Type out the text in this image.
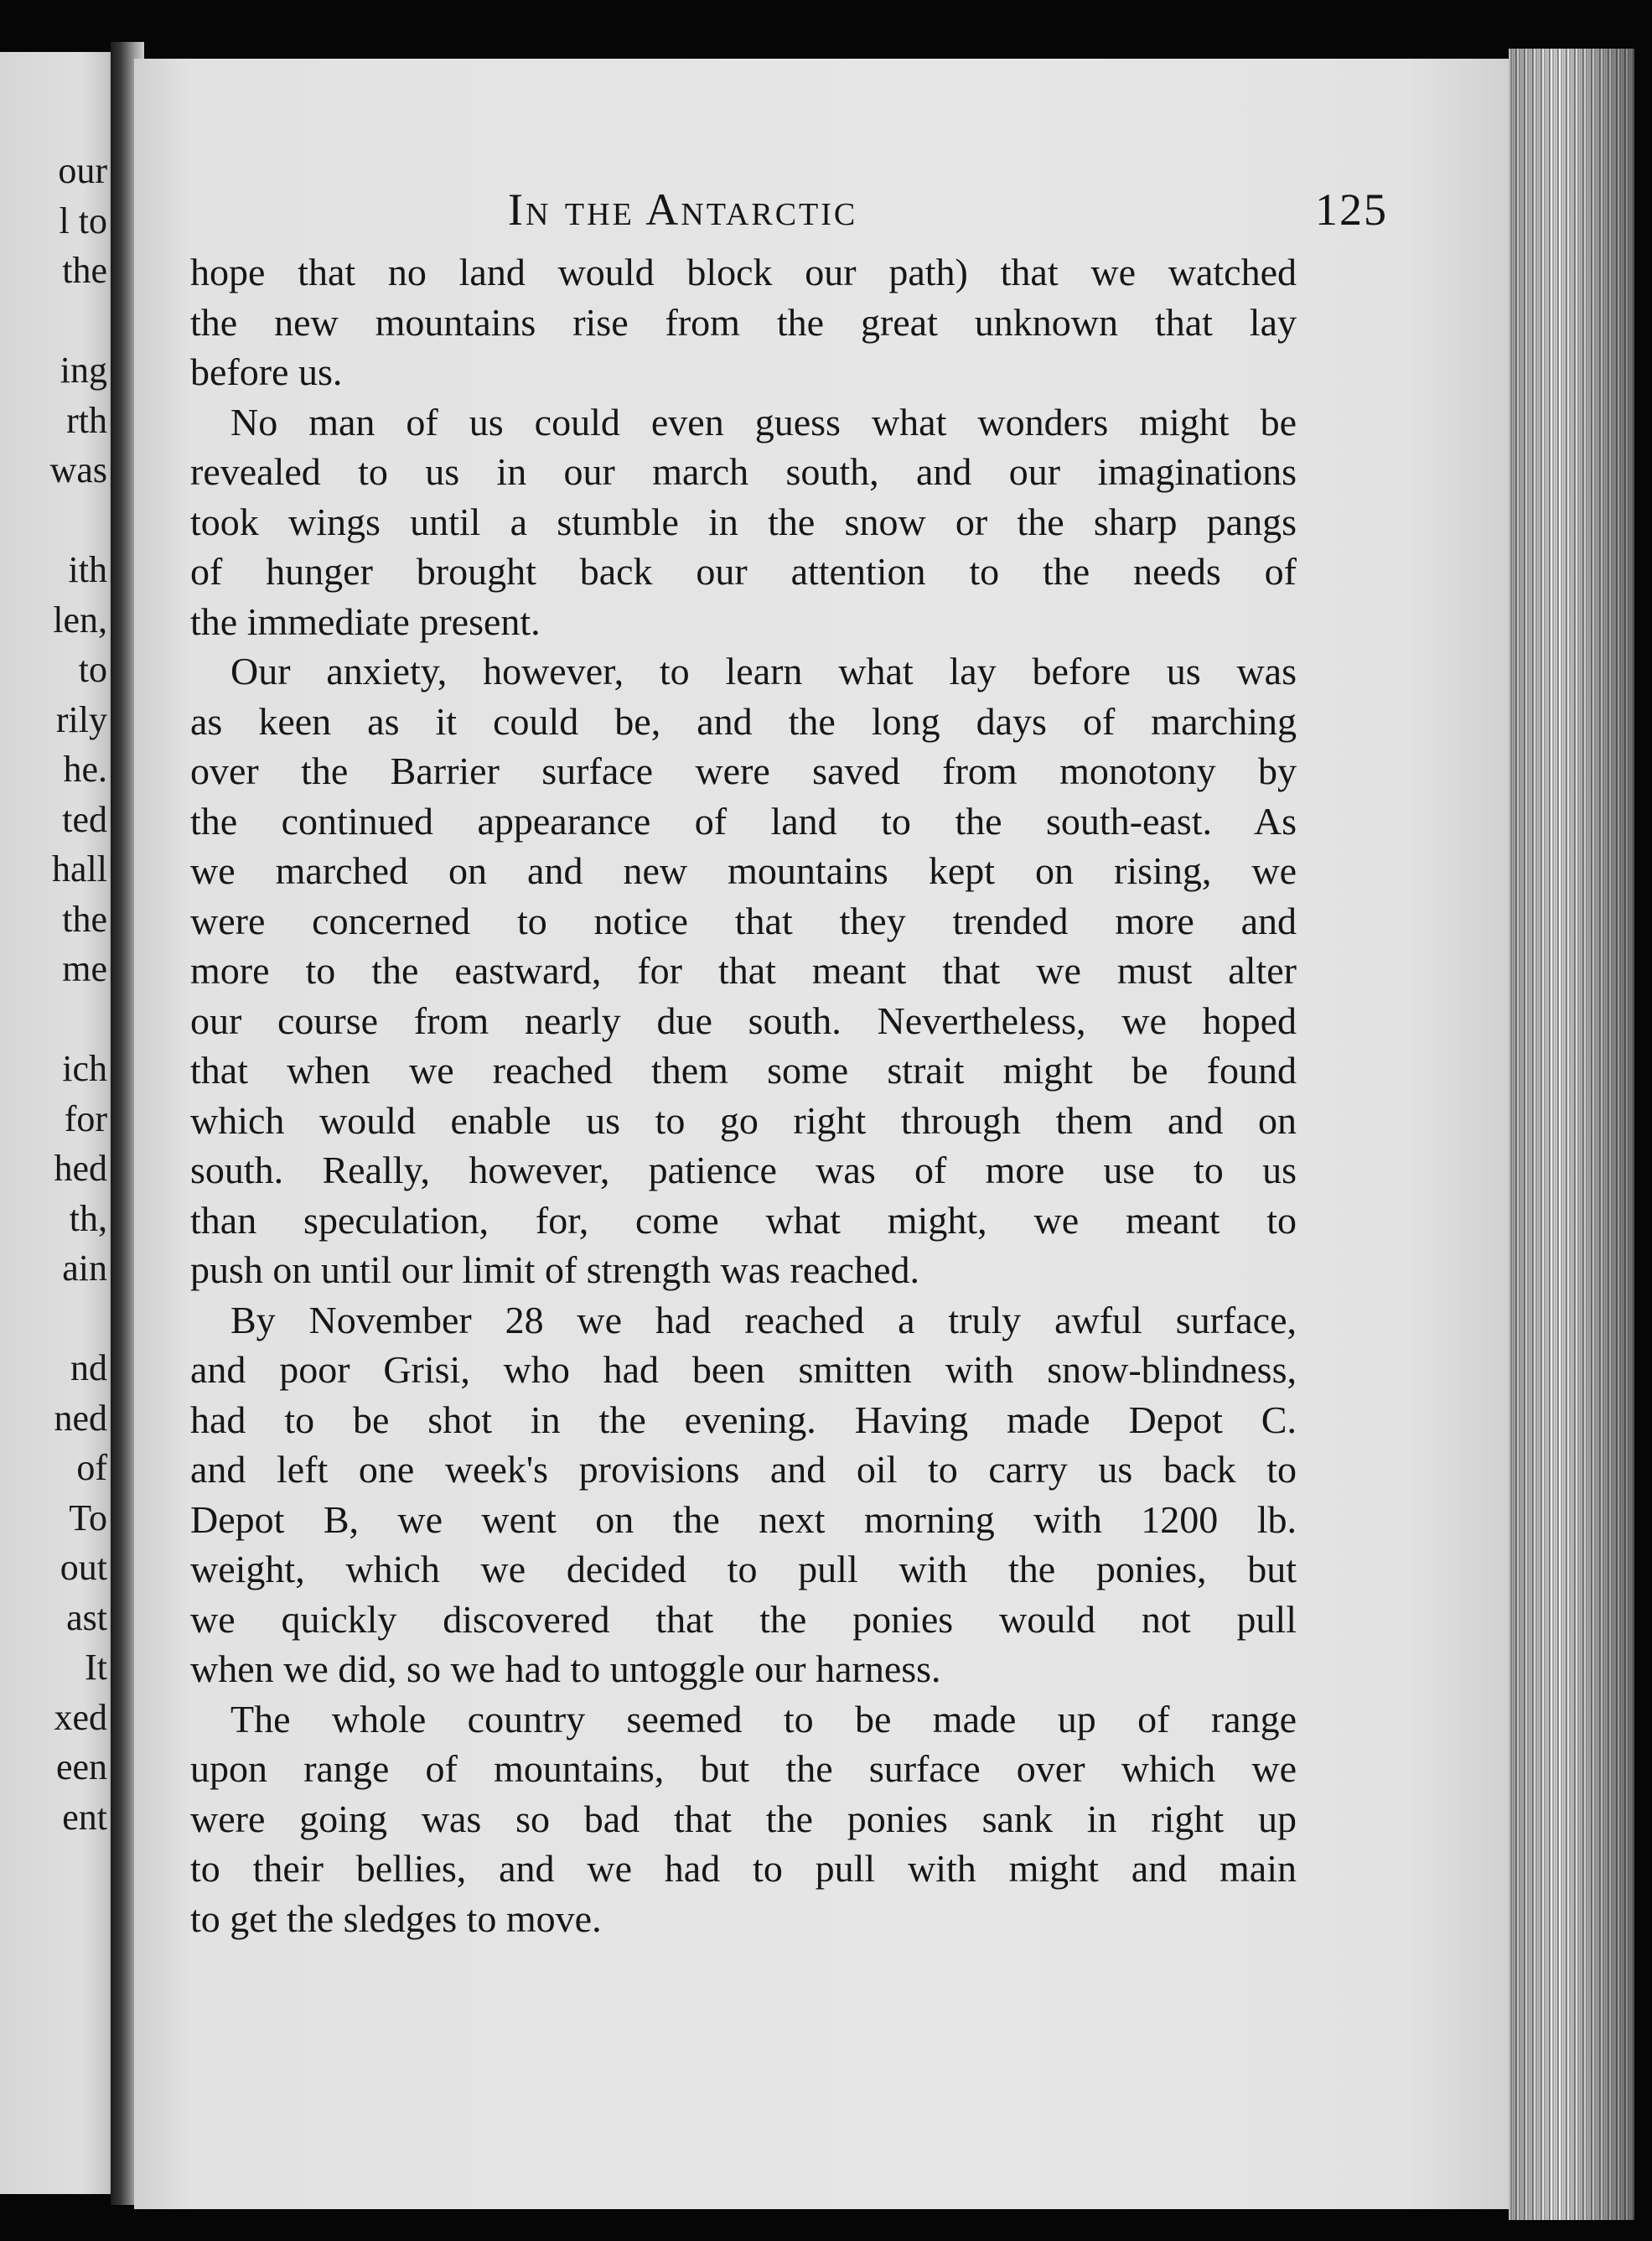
our
l to
the
ing
rth
was
ith
len,
to
rily
he.
ted
hall
the
me
ich
for
hed
th,
ain
nd
ned
of
To
out
ast
It
xed
een
ent
In the Antarctic	125
hope that no land would block our path) that we watched
the new mountains rise from the great unknown that lay
before us.
No man of us could even guess what wonders might be
revealed to us in our march south, and our imaginations
took wings until a stumble in the snow or the sharp pangs
of hunger brought back our attention to the needs of
the immediate present.
Our anxiety, however, to learn what lay before us was
as keen as it could be, and the long days of marching
over the Barrier surface were saved from monotony by
the continued appearance of land to the south-east. As
we marched on and new mountains kept on rising, we
were concerned to notice that they trended more and
more to the eastward, for that meant that we must alter
our course from nearly due south. Nevertheless, we hoped
that when we reached them some strait might be found
which would enable us to go right through them and on
south. Really, however, patience was of more use to us
than speculation, for, come what might, we meant to
push on until our limit of strength was reached.
By November 28 we had reached a truly awful surface,
and poor Grisi, who had been smitten with snow-blindness,
had to be shot in the evening. Having made Depot C.
and left one week's provisions and oil to carry us back to
Depot B, we went on the next morning with 1200 lb.
weight, which we decided to pull with the ponies, but
we quickly discovered that the ponies would not pull
when we did, so we had to untoggle our harness.
The whole country seemed to be made up of range
upon range of mountains, but the surface over which we
were going was so bad that the ponies sank in right up
to their bellies, and we had to pull with might and main
to get the sledges to move.
